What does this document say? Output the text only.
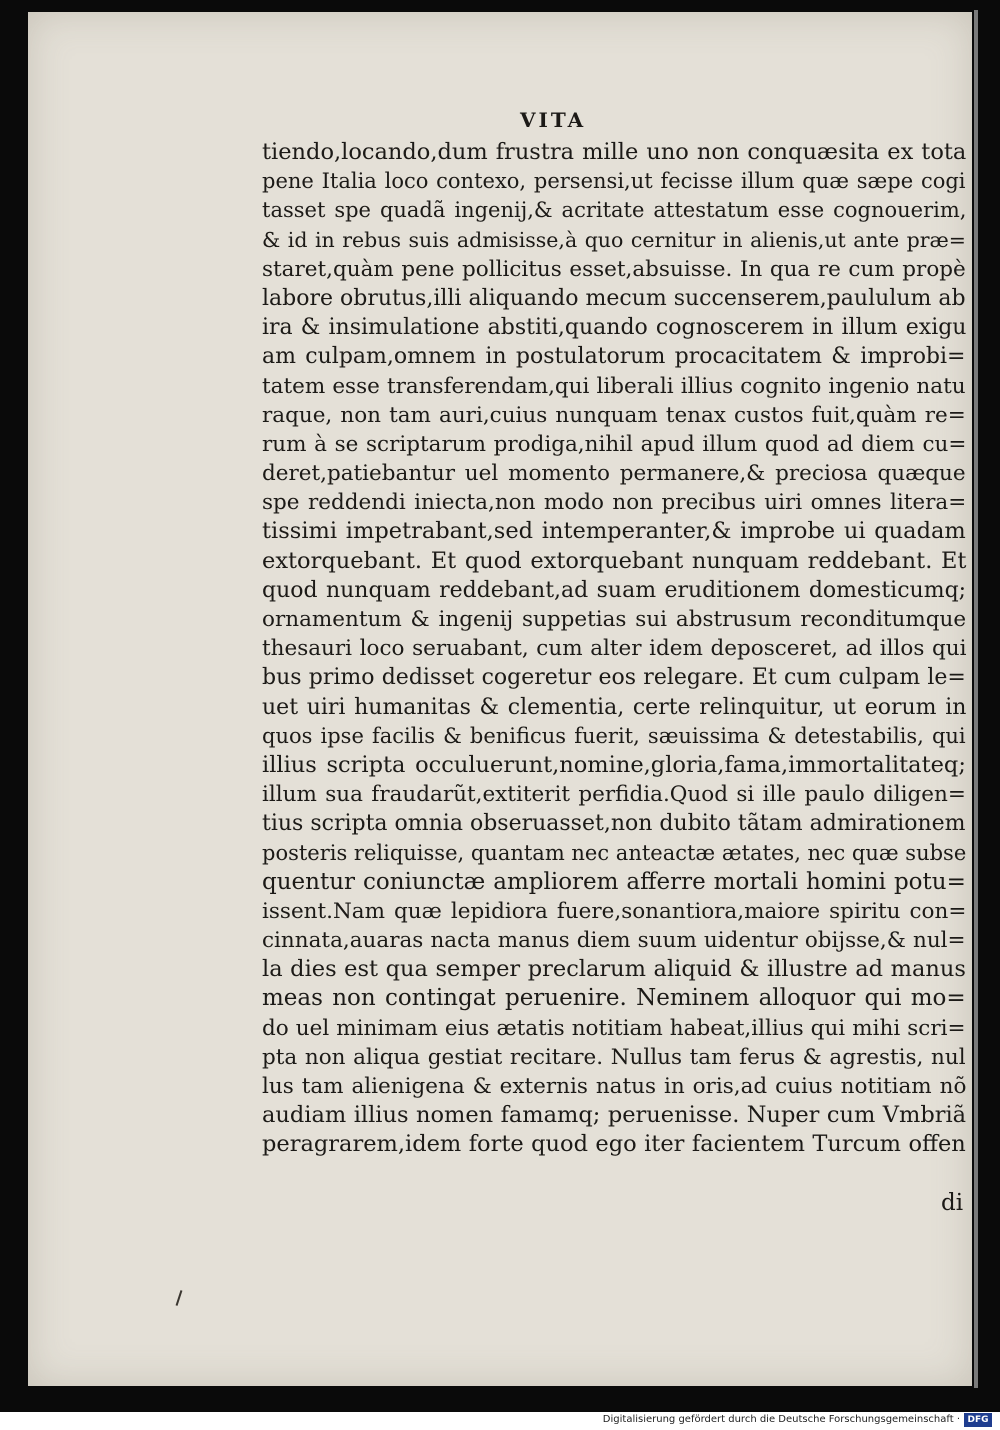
VITA
tiendo,locando,dum frustra mille uno non conquæsita ex tota
pene Italia loco contexo, persensi,ut fecisse illum quæ sæpe cogi
tasset spe quadã ingenij,& acritate attestatum esse cognouerim,
& id in rebus suis admisisse,à quo cernitur in alienis,ut ante præ=
staret,quàm pene pollicitus esset,absuisse. In qua re cum propè
labore obrutus,illi aliquando mecum succenserem,paululum ab
ira & insimulatione abstiti,quando cognoscerem in illum exigu
am culpam,omnem in postulatorum procacitatem & improbi=
tatem esse transferendam,qui liberali illius cognito ingenio natu
raque, non tam auri,cuius nunquam tenax custos fuit,quàm re=
rum à se scriptarum prodiga,nihil apud illum quod ad diem cu=
deret,patiebantur uel momento permanere,& preciosa quæque
spe reddendi iniecta,non modo non precibus uiri omnes litera=
tissimi impetrabant,sed intemperanter,& improbe ui quadam
extorquebant. Et quod extorquebant nunquam reddebant. Et
quod nunquam reddebant,ad suam eruditionem domesticumq;
ornamentum & ingenij suppetias sui abstrusum reconditumque
thesauri loco seruabant, cum alter idem deposceret, ad illos qui
bus primo dedisset cogeretur eos relegare. Et cum culpam le=
uet uiri humanitas & clementia, certe relinquitur, ut eorum in
quos ipse facilis & benificus fuerit, sæuissima & detestabilis, qui
illius scripta occuluerunt,nomine,gloria,fama,immortalitateq;
illum sua fraudarũt,extiterit perfidia.Quod si ille paulo diligen=
tius scripta omnia obseruasset,non dubito tãtam admirationem
posteris reliquisse, quantam nec anteactæ ætates, nec quæ subse
quentur coniunctæ ampliorem afferre mortali homini potu=
issent.Nam quæ lepidiora fuere,sonantiora,maiore spiritu con=
cinnata,auaras nacta manus diem suum uidentur obijsse,& nul=
la dies est qua semper preclarum aliquid & illustre ad manus
meas non contingat peruenire. Neminem alloquor qui mo=
do uel minimam eius ætatis notitiam habeat,illius qui mihi scri=
pta non aliqua gestiat recitare. Nullus tam ferus & agrestis, nul
lus tam alienigena & externis natus in oris,ad cuius notitiam nõ
audiam illius nomen famamq; peruenisse. Nuper cum Vmbriã
peragrarem,idem forte quod ego iter facientem Turcum offen
di
Digitalisierung gefördert durch die Deutsche Forschungsgemeinschaft · DFG
